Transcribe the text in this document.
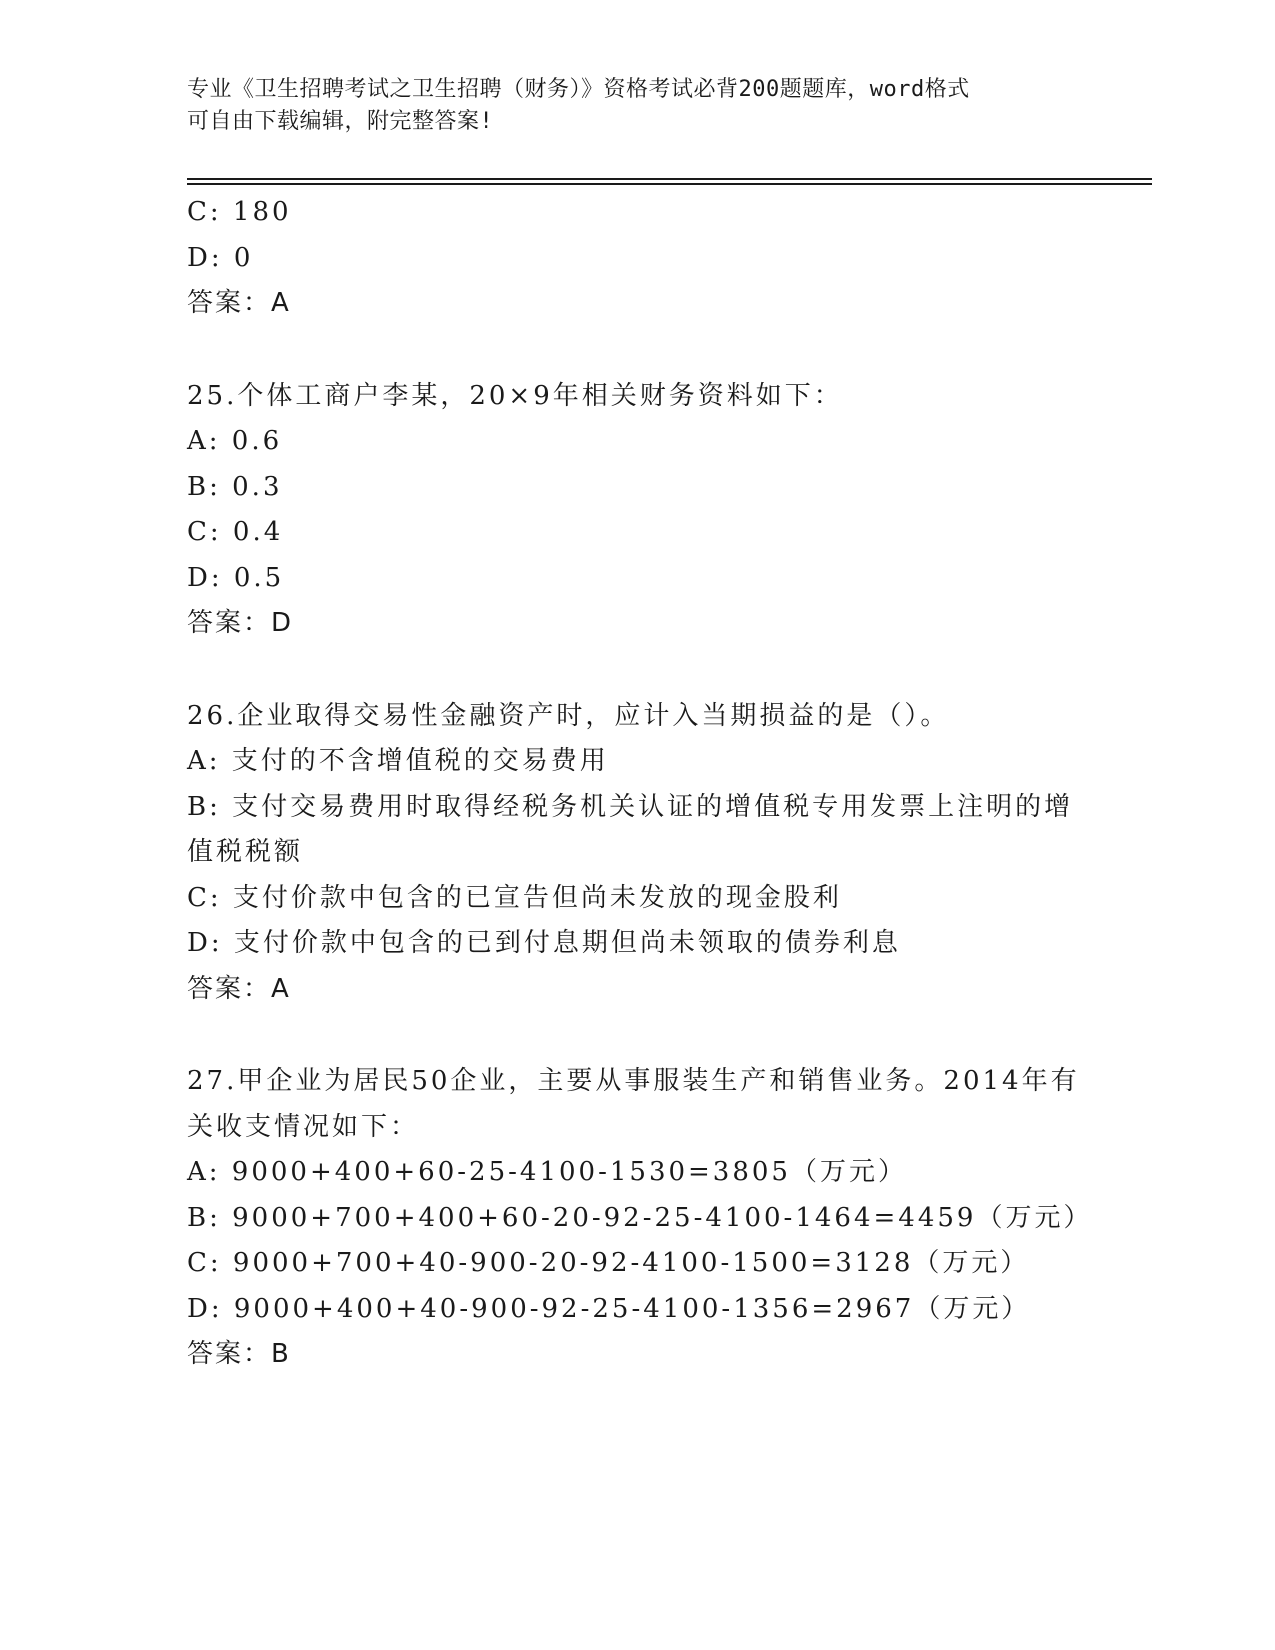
专业《卫生招聘考试之卫生招聘（财务）》资格考试必背200题题库，word格式
可自由下载编辑，附完整答案!
C: 180
D: 0
答案：A
25.个体工商户李某，20×9年相关财务资料如下：
A: 0.6
B: 0.3
C: 0.4
D: 0.5
答案：D
26.企业取得交易性金融资产时，应计入当期损益的是（）。
A: 支付的不含增值税的交易费用
B: 支付交易费用时取得经税务机关认证的增值税专用发票上注明的增
值税税额
C: 支付价款中包含的已宣告但尚未发放的现金股利
D: 支付价款中包含的已到付息期但尚未领取的债券利息
答案：A
27.甲企业为居民50企业，主要从事服装生产和销售业务。2014年有
关收支情况如下：
A: 9000+400+60-25-4100-1530=3805（万元）
B: 9000+700+400+60-20-92-25-4100-1464=4459（万元）
C: 9000+700+40-900-20-92-4100-1500=3128（万元）
D: 9000+400+40-900-92-25-4100-1356=2967（万元）
答案：B
